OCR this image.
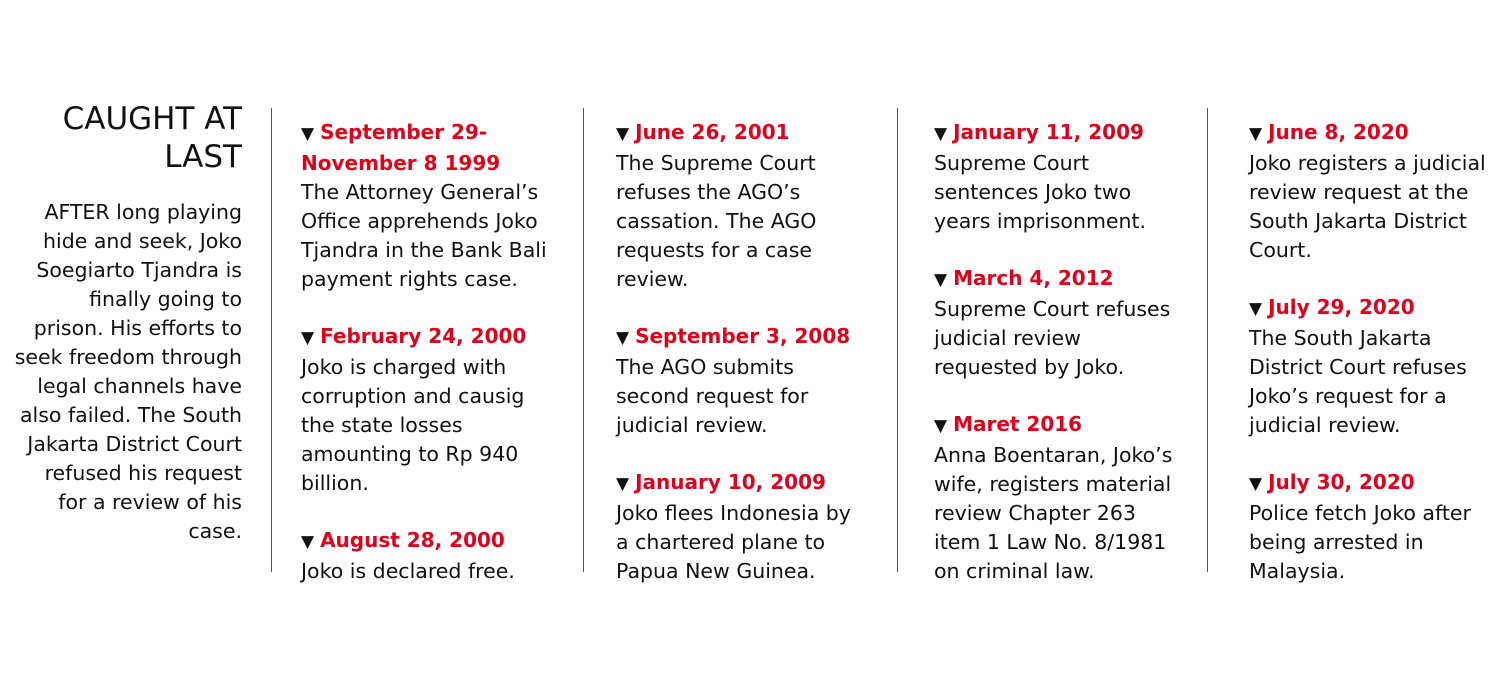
CAUGHT AT LAST

AFTER long playing hide and seek, Joko Soegiarto Tjandra is finally going to prison. His efforts to seek freedom through legal channels have also failed. The South Jakarta District Court refused his request for a review of his case.

▼ September 29-November 8 1999

The Attorney General’s Office apprehends Joko Tjandra in the Bank Bali payment rights case.

▼ February 24, 2000

Joko is charged with corruption and causig the state losses amounting to Rp 940 billion.

▼ August 28, 2000

Joko is declared free.

▼ June 26, 2001

The Supreme Court refuses the AGO’s cassation. The AGO requests for a case review.

▼ September 3, 2008

The AGO submits second request for judicial review.

▼ January 10, 2009

Joko flees Indonesia by a chartered plane to Papua New Guinea.

▼ January 11, 2009

Supreme Court sentences Joko two years imprisonment.

▼ March 4, 2012

Supreme Court refuses judicial review requested by Joko.

▼ Maret 2016

Anna Boentaran, Joko’s wife, registers material review Chapter 263 item 1 Law No. 8/1981 on criminal law.

▼ June 8, 2020

Joko registers a judicial review request at the South Jakarta District Court.

▼ July 29, 2020

The South Jakarta District Court refuses Joko’s request for a judicial review.

▼ July 30, 2020

Police fetch Joko after being arrested in Malaysia.
